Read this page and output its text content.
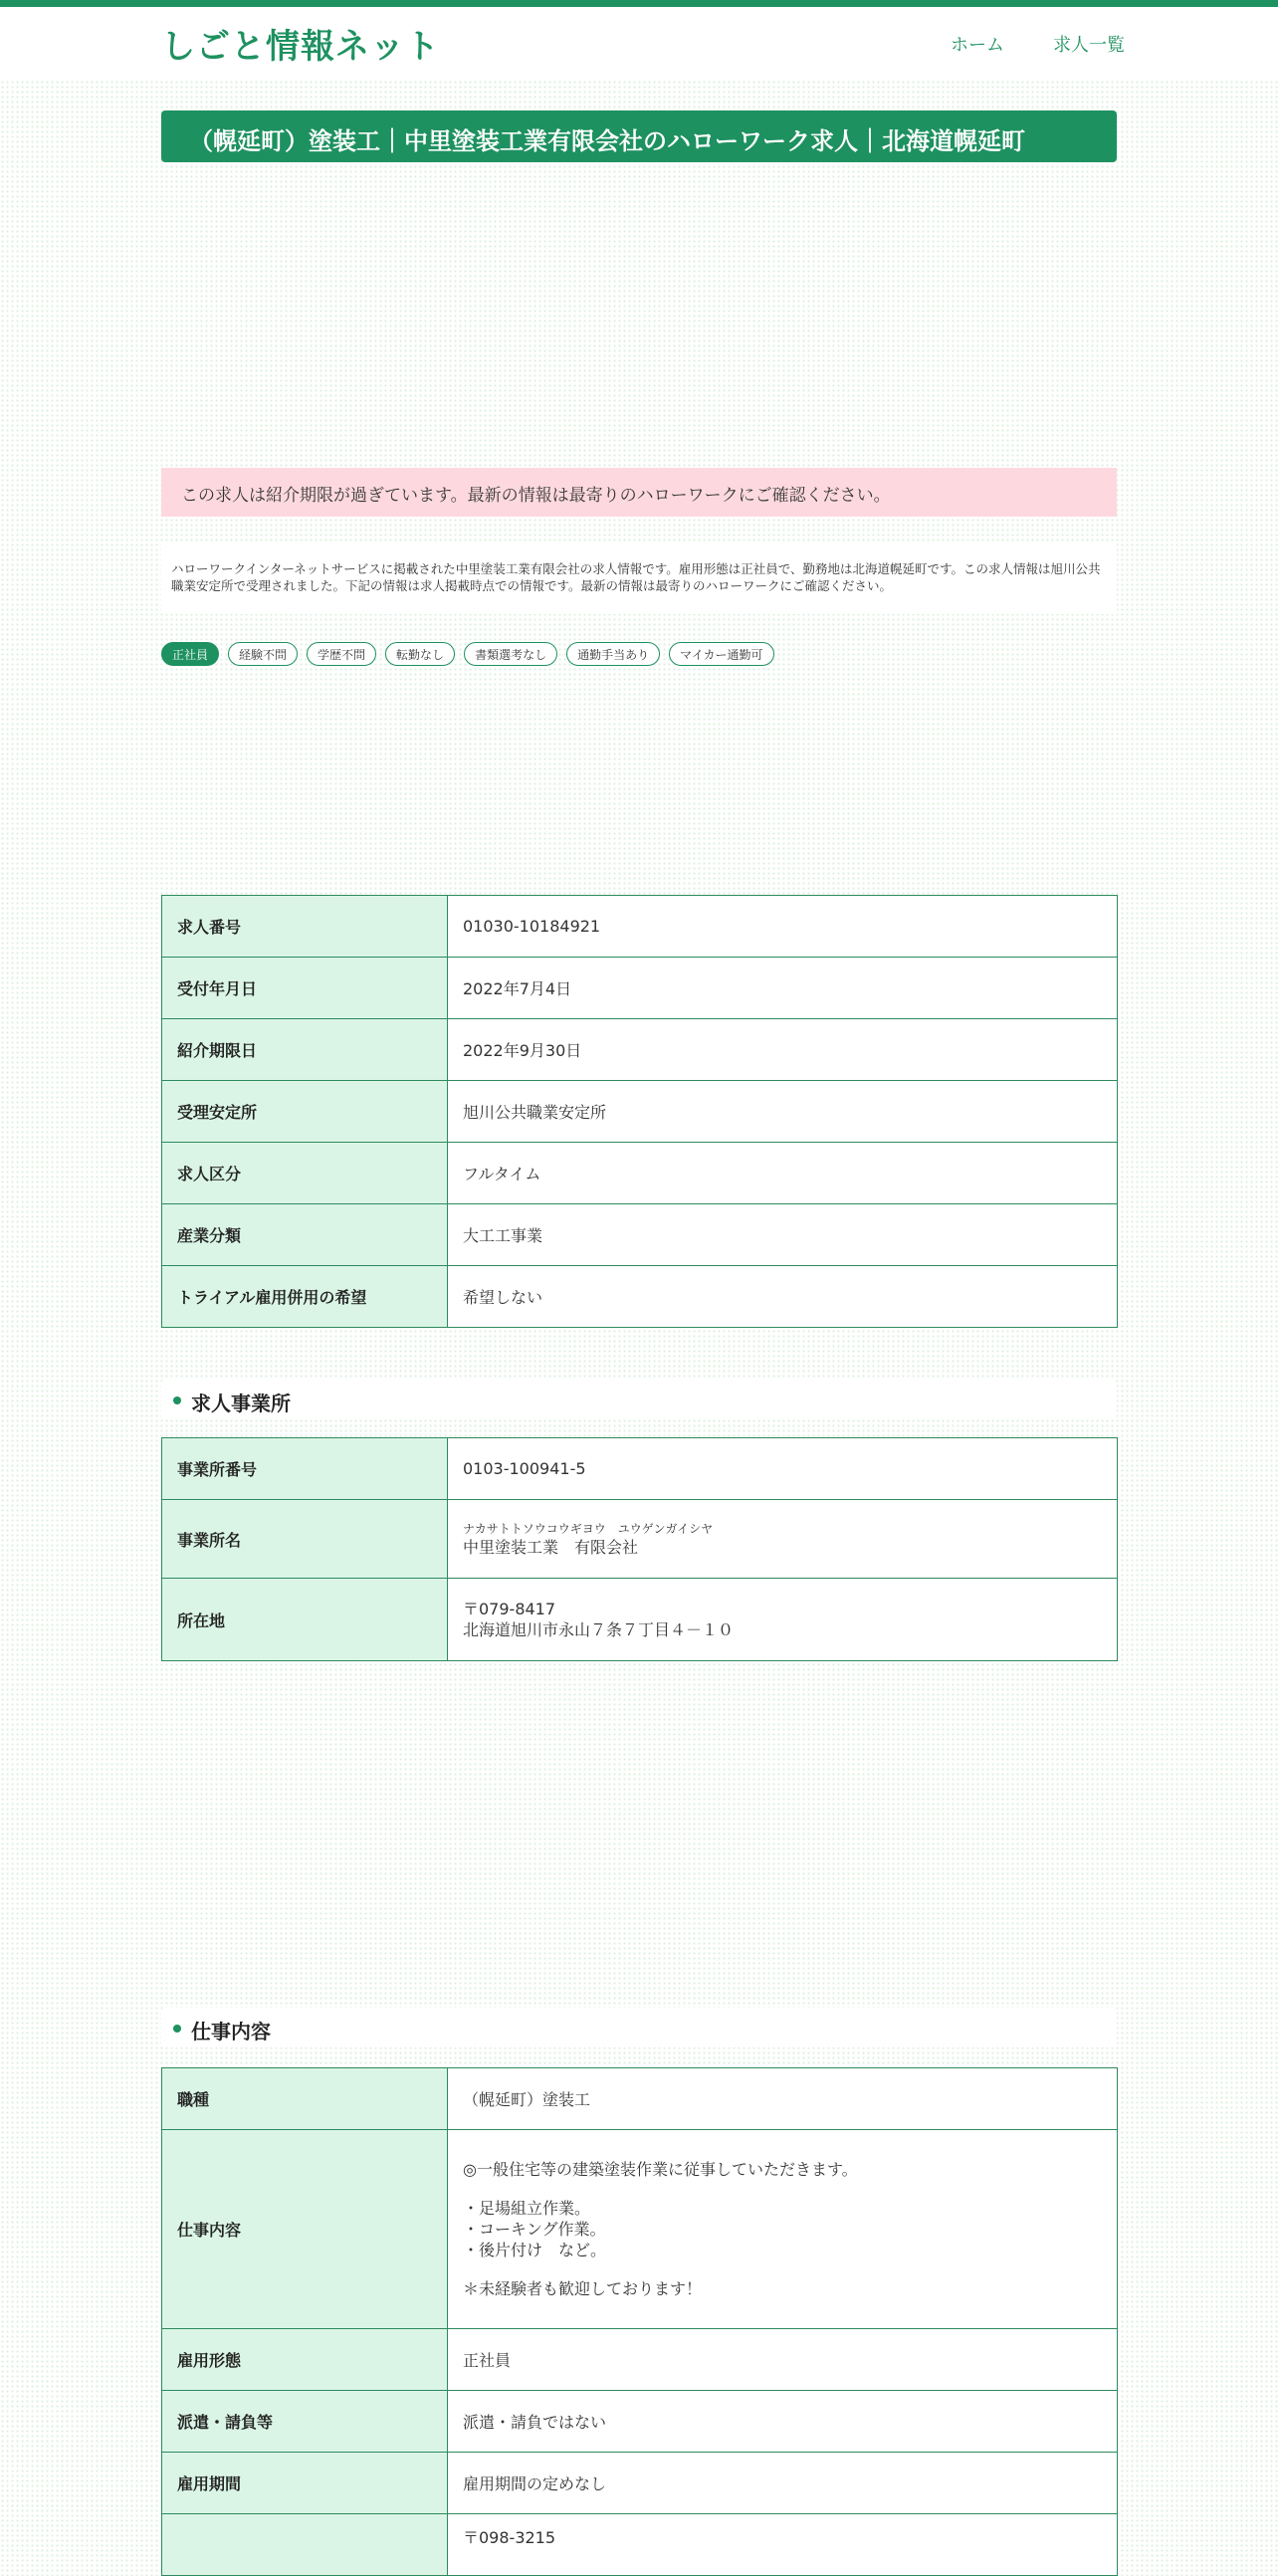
しごと情報ネット	ホーム	求人一覧
（幌延町）塗装工｜中里塗装工業有限会社のハローワーク求人｜北海道幌延町
この求人は紹介期限が過ぎています。最新の情報は最寄りのハローワークにご確認ください。

ハローワークインターネットサービスに掲載された中里塗装工業有限会社の求人情報です。雇用形態は正社員で、勤務地は北海道幌延町です。この求人情報は旭川公共職業安定所で受理されました。下記の情報は求人掲載時点での情報です。最新の情報は最寄りのハローワークにご確認ください。

正社員	経験不問	学歴不問	転勤なし	書類選考なし	通勤手当あり	マイカー通勤可
求人番号	01030-10184921
受付年月日	2022年7月4日
紹介期限日	2022年9月30日
受理安定所	旭川公共職業安定所
求人区分	フルタイム
産業分類	大工工事業
トライアル雇用併用の希望	希望しない
求人事業所
事業所番号	0103-100941-5
事業所名	ナカサトトソウコウギヨウ　ユウゲンガイシヤ
中里塗装工業　有限会社

所在地	〒079-8417
北海道旭川市永山７条７丁目４－１０
仕事内容
職種	（幌延町）塗装工
仕事内容	◎一般住宅等の建築塗装作業に従事していただきます。
・足場組立作業。
・コーキング作業。
・後片付け　など。
＊未経験者も歓迎しております！

雇用形態	正社員
派遣・請負等	派遣・請負ではない
雇用期間	雇用期間の定めなし

	〒098-3215
